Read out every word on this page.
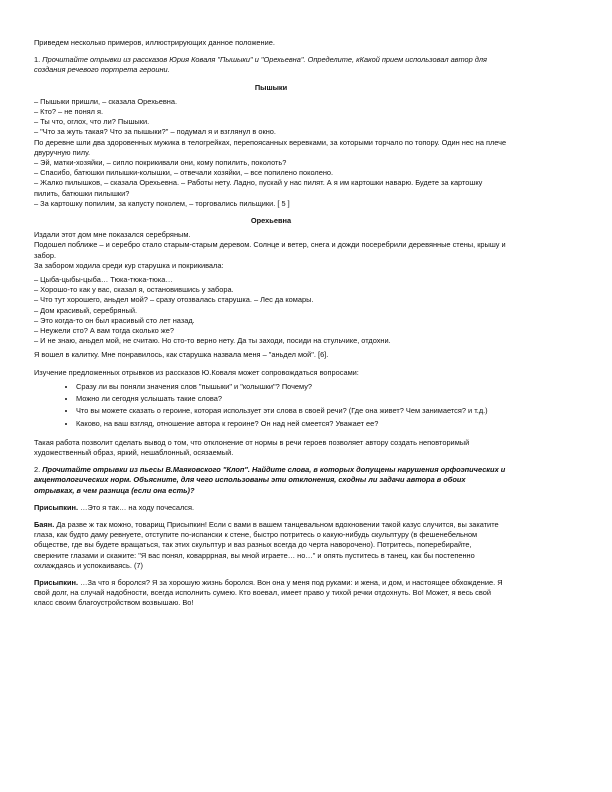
Приведем несколько примеров, иллюстрирующих данное положение.

1. Прочитайте отрывки из рассказов Юрия Коваля "Пышыки" и "Орехьевна". Определите, кКакой прием использовал автор для создания речевого портрета героини.

Пышыки

– Пышыки пришли, – сказала Орехьевна.

– Кто? – не понял я.

– Ты что, оглох, что ли? Пышыки.

– "Что за жуть такая? Что за пышыки?" – подумал я и взглянул в окно.

По деревне шли два здоровенных мужика в телогрейках, перепоясанных веревками, за которыми торчало по топору. Один нес на плече двуручную пилу.

– Эй, матки-хозяйки, – сипло покрикивали они, кому попилить, поколоть?

– Спасибо, батюшки пилышки-колышки, – отвечали хозяйки, – все попилено поколено.

– Жалко пилышков, – сказала Орехьевна. – Работы нету. Ладно, пускай у нас пилят. А я им картошки наварю. Будете за картошку пилить, батюшки пилышки?

– За картошку попилим, за капусту поколем, – торговались пильщики. [ 5 ]

Орехьевна

Издали этот дом мне показался серебряным.

Подошел поближе – и серебро стало старым-старым деревом. Солнце и ветер, снега и дожди посеребрили деревянные стены, крышу и забор.

За забором ходила среди кур старушка и покрикивала:

– Цыба-цыбы-цыба… Тюка-тюка-тюка…

– Хорошо-то как у вас, сказал я, остановившись у забора.

– Что тут хорошего, аньдел мой? – сразу отозвалась старушка. – Лес да комары.

– Дом красивый, серебряный.

– Это когда-то он был красивый сто лет назад.

– Неужели сто? А вам тогда сколько же?

– И не знаю, аньдел мой, не считаю. Но сто-то верно нету. Да ты заходи, посиди на стульчике, отдохни.

Я вошел в калитку. Мне понравилось, как старушка назвала меня – "аньдел мой". [6].

Изучение предложенных отрывков из рассказов Ю.Коваля может сопровождаться вопросами:

• Сразу ли вы поняли значения слов "пышыки" и "колышки"? Почему?
• Можно ли сегодня услышать такие слова?
• Что вы можете сказать о героине, которая использует эти слова в своей речи? (Где она живет? Чем занимается? и т.д.)
• Каково, на ваш взгляд, отношение автора к героине? Он над ней смеется? Уважает ее?

Такая работа позволит сделать вывод о том, что отклонение от нормы в речи героев позволяет автору создать неповторимый художественный образ, яркий, нешаблонный, осязаемый.

2. Прочитайте отрывки из пьесы В.Маяковского "Клоп". Найдите слова, в которых допущены нарушения орфоэпических и акцентологических норм. Объясните, для чего использованы эти отклонения, сходны ли задачи автора в обоих отрывках, в чем разница (если она есть)?

Присыпкин. …Это я так… на ходу почесался.

Баян. Да разве ж так можно, товарищ Присыпкин! Если с вами в вашем танцевальном вдохновении такой казус случится, вы закатите глаза, как будто даму ревнуете, отступите по-испански к стене, быстро потритесь о какую-нибудь скульптуру (в фешенебельном обществе, где вы будете вращаться, так этих скульптур и ваз разных всегда до черта наворочено). Потритесь, поперебирайте, сверкните глазами и скажите: "Я вас понял, коварррная, вы мной играете… но…" и опять пуститесь в танец, как бы постепенно охлаждаясь и успокаиваясь. (7)

Присыпкин. …За что я боролся? Я за хорошую жизнь боролся. Вон она у меня под руками: и жена, и дом, и настоящее обхождение. Я свой долг, на случай надобности, всегда исполнить сумею. Кто воевал, имеет право у тихой речки отдохнуть. Во! Может, я весь свой класс своим благоустройством возвышаю. Во!
